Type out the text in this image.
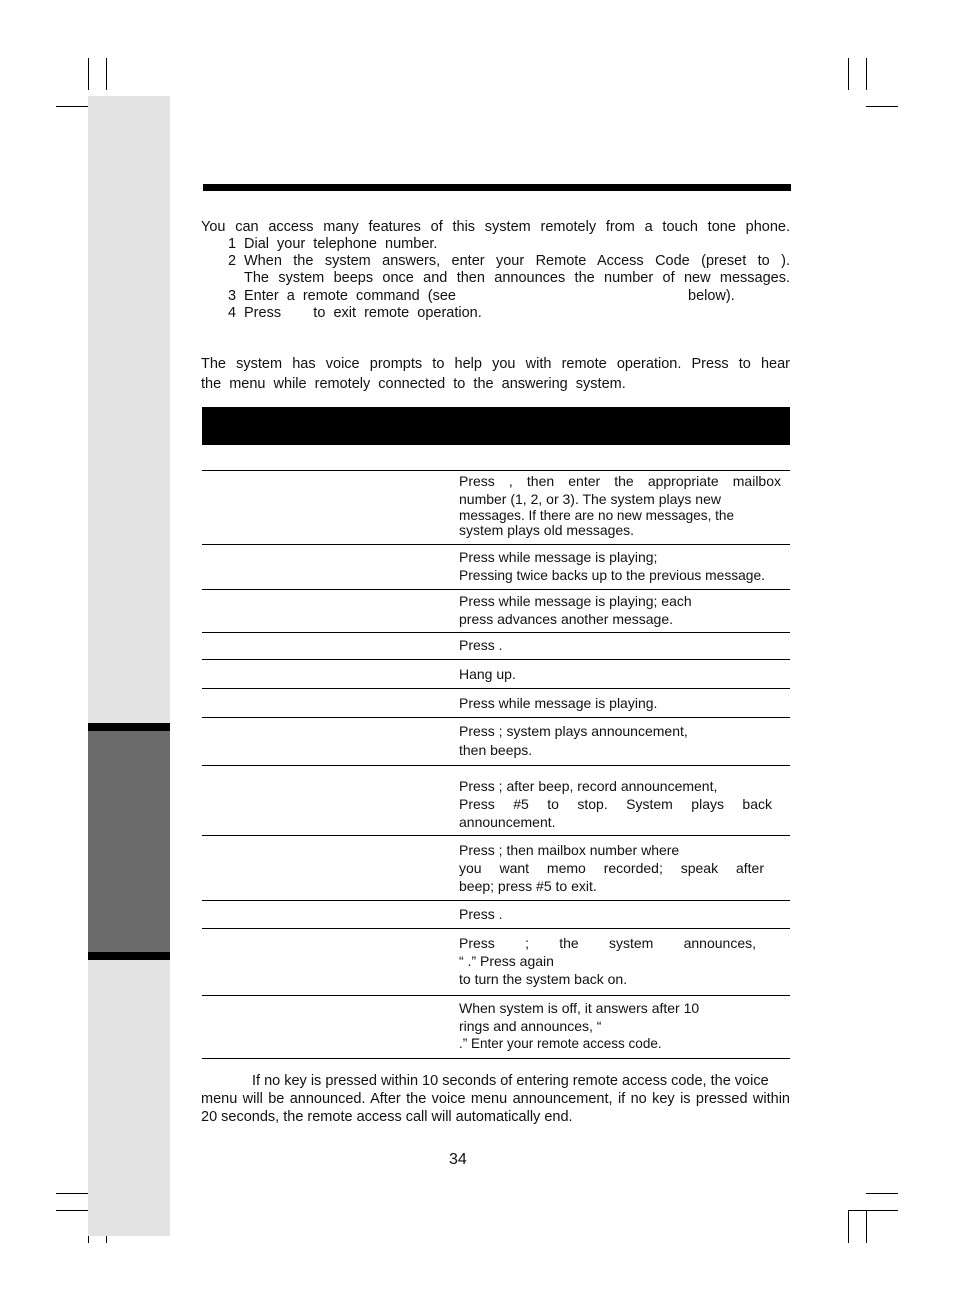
You can access many features of this system remotely from a touch tone phone.
1 Dial  your  telephone  number.
2 When the system answers, enter your Remote Access Code (preset to ).
The system beeps once and then announces the number of new messages.
3 Enter  a  remote  command  (see	below).
4 Press        to  exit  remote  operation.
The system has voice prompts to help you with remote operation. Press to hear
the  menu  while  remotely  connected  to  the  answering  system.
Press , then enter the appropriate mailbox
number (1, 2, or 3). The system plays new
messages. If there are no new messages, the
system plays old messages.
Press while message is playing;
Pressing twice backs up to the previous message.
Press while message is playing; each
press advances another message.
Press .
Hang up.
Press while message is playing.
Press ; system plays announcement,
then beeps.
Press ; after beep, record announcement,
Press #5 to stop. System plays back
announcement.
Press ; then mailbox number where
you want memo recorded; speak after
beep; press #5 to exit.
Press .
Press ; the system announces,
“ .” Press again
to turn the system back on.
When system is off, it answers after 10
rings and announces, “
.” Enter your remote access code.
If no key is pressed within 10 seconds of entering remote access code, the voice
menu will be announced. After the voice menu announcement, if no key is pressed within
20 seconds, the remote access call will automatically end.
34
